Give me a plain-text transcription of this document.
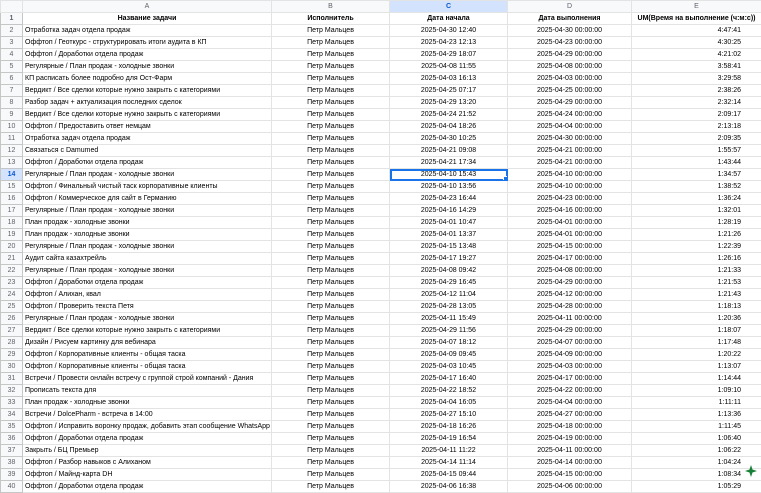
	A	B	C	D	E
1	Название задачи	Исполнитель	Дата начала	Дата выполнения	UM(Время на выполнение (ч:м:с))
2	Отработка задач отдела продаж	Петр Мальцев	2025-04-30 12:40	2025-04-30 00:00:00	4:47:41
3	Оффтоп / Геоткурс - структурировать итоги аудита в КП	Петр Мальцев	2025-04-23 12:13	2025-04-23 00:00:00	4:30:25
4	Оффтоп / Доработки отдела продаж	Петр Мальцев	2025-04-29 18:07	2025-04-29 00:00:00	4:21:02
5	Регулярные / План продаж - холодные звонки	Петр Мальцев	2025-04-08 11:55	2025-04-08 00:00:00	3:58:41
6	КП расписать более подробно для Ост-Фарм	Петр Мальцев	2025-04-03 16:13	2025-04-03 00:00:00	3:29:58
7	Вердикт / Все сделки которые нужно закрыть с категориями	Петр Мальцев	2025-04-25 07:17	2025-04-25 00:00:00	2:38:26
8	Разбор задач + актуализация последних сделок	Петр Мальцев	2025-04-29 13:20	2025-04-29 00:00:00	2:32:14
9	Вердикт / Все сделки которые нужно закрыть с категориями	Петр Мальцев	2025-04-24 21:52	2025-04-24 00:00:00	2:09:17
10	Оффтоп / Предоставить ответ немцам	Петр Мальцев	2025-04-04 18:26	2025-04-04 00:00:00	2:13:18
11	Отработка задач отдела продаж	Петр Мальцев	2025-04-30 10:25	2025-04-30 00:00:00	2:09:35
12	Связаться с Damumed	Петр Мальцев	2025-04-21 09:08	2025-04-21 00:00:00	1:55:57
13	Оффтоп / Доработки отдела продаж	Петр Мальцев	2025-04-21 17:34	2025-04-21 00:00:00	1:43:44
14	Регулярные / План продаж - холодные звонки	Петр Мальцев	2025-04-10 15:43	2025-04-10 00:00:00	1:34:57
15	Оффтоп / Финальный чистый таск корпоративные клиенты	Петр Мальцев	2025-04-10 13:56	2025-04-10 00:00:00	1:38:52
16	Оффтоп / Коммерческое для сайт в Германию	Петр Мальцев	2025-04-23 16:44	2025-04-23 00:00:00	1:36:24
17	Регулярные / План продаж - холодные звонки	Петр Мальцев	2025-04-16 14:29	2025-04-16 00:00:00	1:32:01
18	План продаж - холодные звонки	Петр Мальцев	2025-04-01 10:47	2025-04-01 00:00:00	1:28:19
19	План продаж - холодные звонки	Петр Мальцев	2025-04-01 13:37	2025-04-01 00:00:00	1:21:26
20	Регулярные / План продаж - холодные звонки	Петр Мальцев	2025-04-15 13:48	2025-04-15 00:00:00	1:22:39
21	Аудит сайта казахтрейль	Петр Мальцев	2025-04-17 19:27	2025-04-17 00:00:00	1:26:16
22	Регулярные / План продаж - холодные звонки	Петр Мальцев	2025-04-08 09:42	2025-04-08 00:00:00	1:21:33
23	Оффтоп / Доработки отдела продаж	Петр Мальцев	2025-04-29 16:45	2025-04-29 00:00:00	1:21:53
24	Оффтоп / Алихан, квал	Петр Мальцев	2025-04-12 11:04	2025-04-12 00:00:00	1:21:43
25	Оффтоп / Проверить текста Петя	Петр Мальцев	2025-04-28 13:05	2025-04-28 00:00:00	1:18:13
26	Регулярные / План продаж - холодные звонки	Петр Мальцев	2025-04-11 15:49	2025-04-11 00:00:00	1:20:36
27	Вердикт / Все сделки которые нужно закрыть с категориями	Петр Мальцев	2025-04-29 11:56	2025-04-29 00:00:00	1:18:07
28	Дизайн / Рисуем картинку для вебинара	Петр Мальцев	2025-04-07 18:12	2025-04-07 00:00:00	1:17:48
29	Оффтоп / Корпоративные клиенты - общая таска	Петр Мальцев	2025-04-09 09:45	2025-04-09 00:00:00	1:20:22
30	Оффтоп / Корпоративные клиенты - общая таска	Петр Мальцев	2025-04-03 10:45	2025-04-03 00:00:00	1:13:07
31	Встречи / Провести онлайн встречу с группой строй компаний - Дания	Петр Мальцев	2025-04-17 16:40	2025-04-17 00:00:00	1:14:44
32	Прописать текста для	Петр Мальцев	2025-04-22 18:52	2025-04-22 00:00:00	1:09:10
33	План продаж - холодные звонки	Петр Мальцев	2025-04-04 16:05	2025-04-04 00:00:00	1:11:11
34	Встречи / DolcePharm - встреча в 14:00	Петр Мальцев	2025-04-27 15:10	2025-04-27 00:00:00	1:13:36
35	Оффтоп / Исправить воронку продаж, добавить этап сообщение WhatsApp	Петр Мальцев	2025-04-18 16:26	2025-04-18 00:00:00	1:11:45
36	Оффтоп / Доработки отдела продаж	Петр Мальцев	2025-04-19 16:54	2025-04-19 00:00:00	1:06:40
37	Закрыть / БЦ Премьер	Петр Мальцев	2025-04-11 11:22	2025-04-11 00:00:00	1:06:22
38	Оффтоп / Разбор навыков с Алиханом	Петр Мальцев	2025-04-14 11:14	2025-04-14 00:00:00	1:04:24
39	Оффтоп / Майнд-карта DH	Петр Мальцев	2025-04-15 09:44	2025-04-15 00:00:00	1:08:34
40	Оффтоп / Доработки отдела продаж	Петр Мальцев	2025-04-06 16:38	2025-04-06 00:00:00	1:05:29
